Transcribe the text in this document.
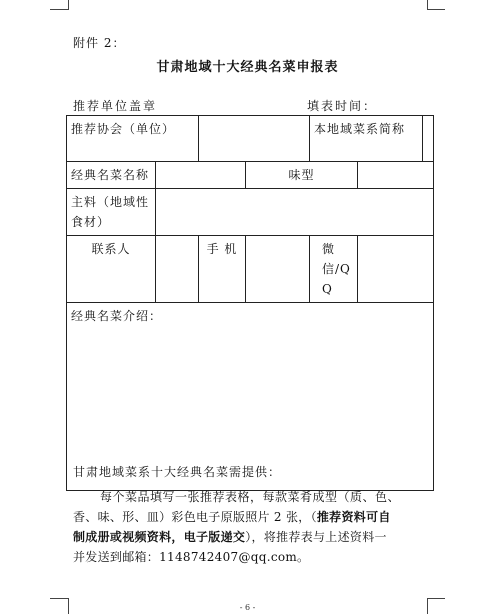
附件 2：
甘肃地域十大经典名菜申报表
推荐单位盖章	填表时间：
推荐协会（单位）			本地域菜系简称	

经典名菜名称		味型	
主料（地域性食材）	
联系人		手 机		微 信/QQ	
经典名菜介绍：
甘肃地域菜系十大经典名菜需提供：
每个菜品填写一张推荐表格，每款菜肴成型（质、色、
香、味、形、皿）彩色电子原版照片 2 张，（推荐资料可自
制成册或视频资料，电子版递交），将推荐表与上述资料一
并发送到邮箱：1148742407@qq.com。
- 6 -
